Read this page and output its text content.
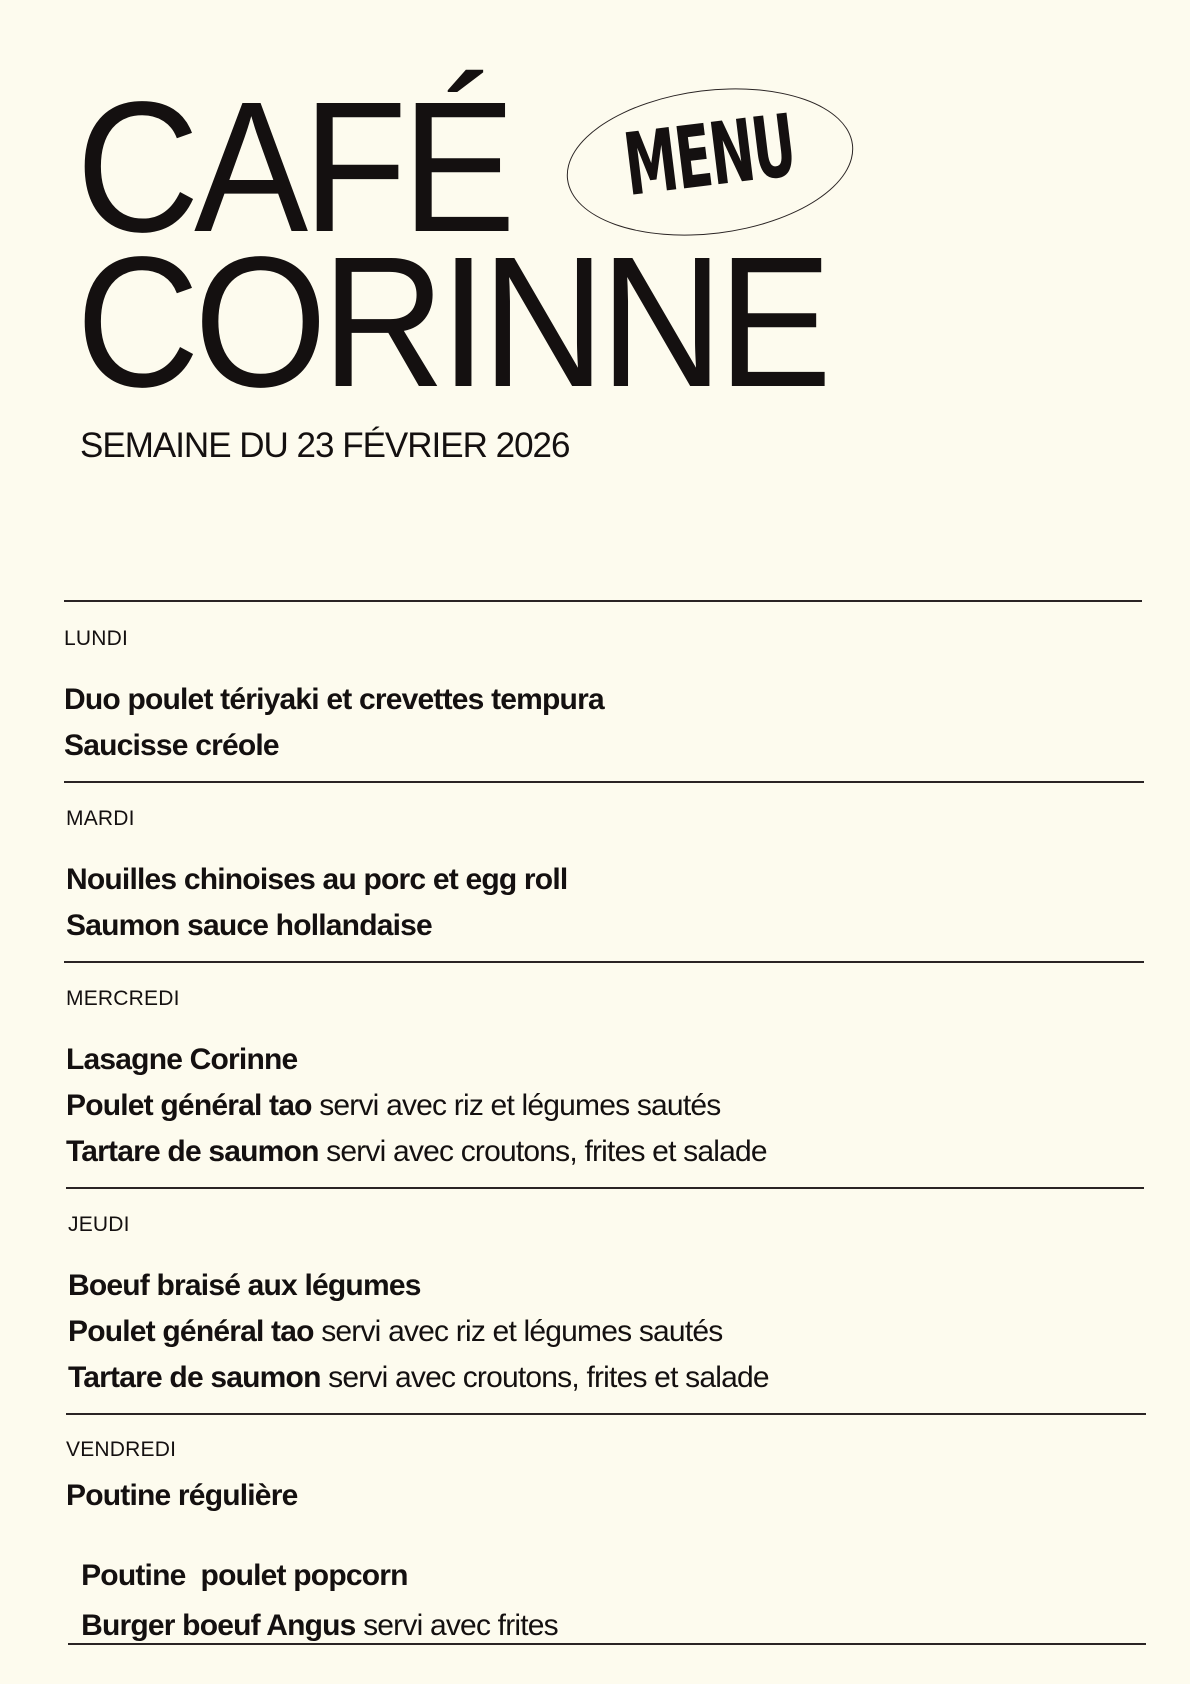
CAFÉ
CORINNE
MENU

SEMAINE DU 23 FÉVRIER 2026

LUNDI
Duo poulet tériyaki et crevettes tempura
Saucisse créole
MARDI
Nouilles chinoises au porc et egg roll
Saumon sauce hollandaise
MERCREDI
Lasagne Corinne
Poulet général tao servi avec riz et légumes sautés
Tartare de saumon servi avec croutons, frites et salade
JEUDI
Boeuf braisé aux légumes
Poulet général tao servi avec riz et légumes sautés
Tartare de saumon servi avec croutons, frites et salade
VENDREDI
Poutine régulière

Poutine  poulet popcorn

Burger boeuf Angus servi avec frites
